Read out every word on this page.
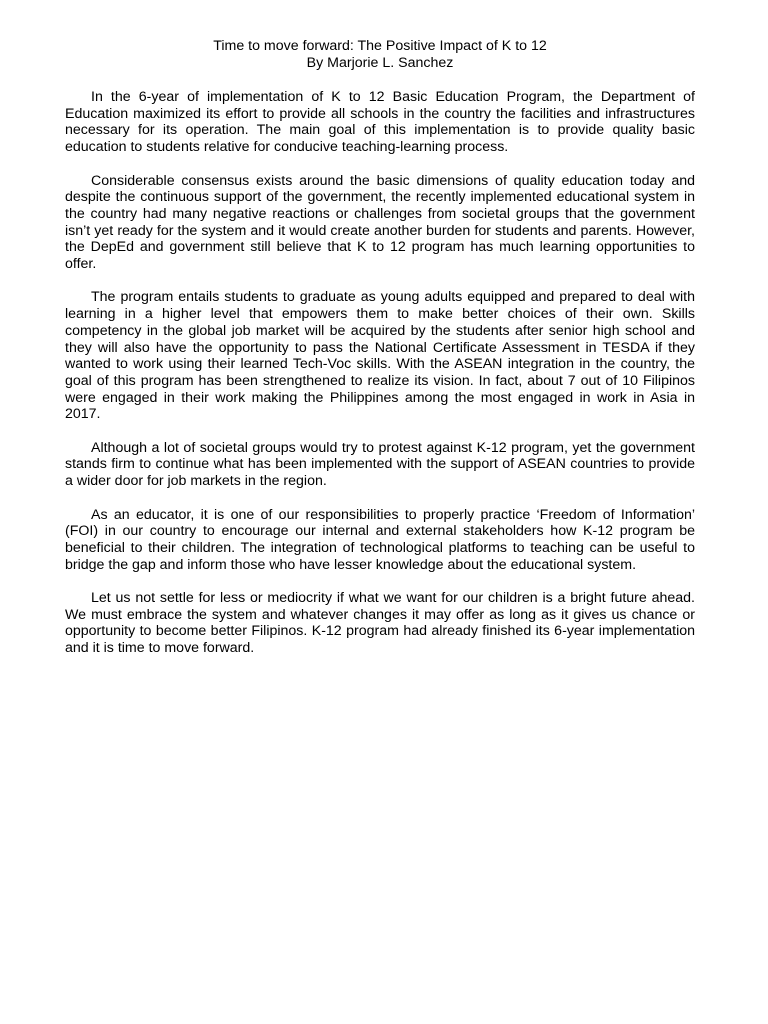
Time to move forward: The Positive Impact of K to 12

By Marjorie L. Sanchez

In the 6-year of implementation of K to 12 Basic Education Program, the Department of Education maximized its effort to provide all schools in the country the facilities and infrastructures necessary for its operation. The main goal of this implementation is to provide quality basic education to students relative for conducive teaching-learning process.

Considerable consensus exists around the basic dimensions of quality education today and despite the continuous support of the government, the recently implemented educational system in the country had many negative reactions or challenges from societal groups that the government isn’t yet ready for the system and it would create another burden for students and parents. However, the DepEd and government still believe that K to 12 program has much learning opportunities to offer.

The program entails students to graduate as young adults equipped and prepared to deal with learning in a higher level that empowers them to make better choices of their own. Skills competency in the global job market will be acquired by the students after senior high school and they will also have the opportunity to pass the National Certificate Assessment in TESDA if they wanted to work using their learned Tech-Voc skills. With the ASEAN integration in the country, the goal of this program has been strengthened to realize its vision. In fact, about 7 out of 10 Filipinos were engaged in their work making the Philippines among the most engaged in work in Asia in 2017.

Although a lot of societal groups would try to protest against K-12 program, yet the government stands firm to continue what has been implemented with the support of ASEAN countries to provide a wider door for job markets in the region.

As an educator, it is one of our responsibilities to properly practice ‘Freedom of Information’ (FOI) in our country to encourage our internal and external stakeholders how K-12 program be beneficial to their children. The integration of technological platforms to teaching can be useful to bridge the gap and inform those who have lesser knowledge about the educational system.

Let us not settle for less or mediocrity if what we want for our children is a bright future ahead. We must embrace the system and whatever changes it may offer as long as it gives us chance or opportunity to become better Filipinos. K-12 program had already finished its 6-year implementation and it is time to move forward.
